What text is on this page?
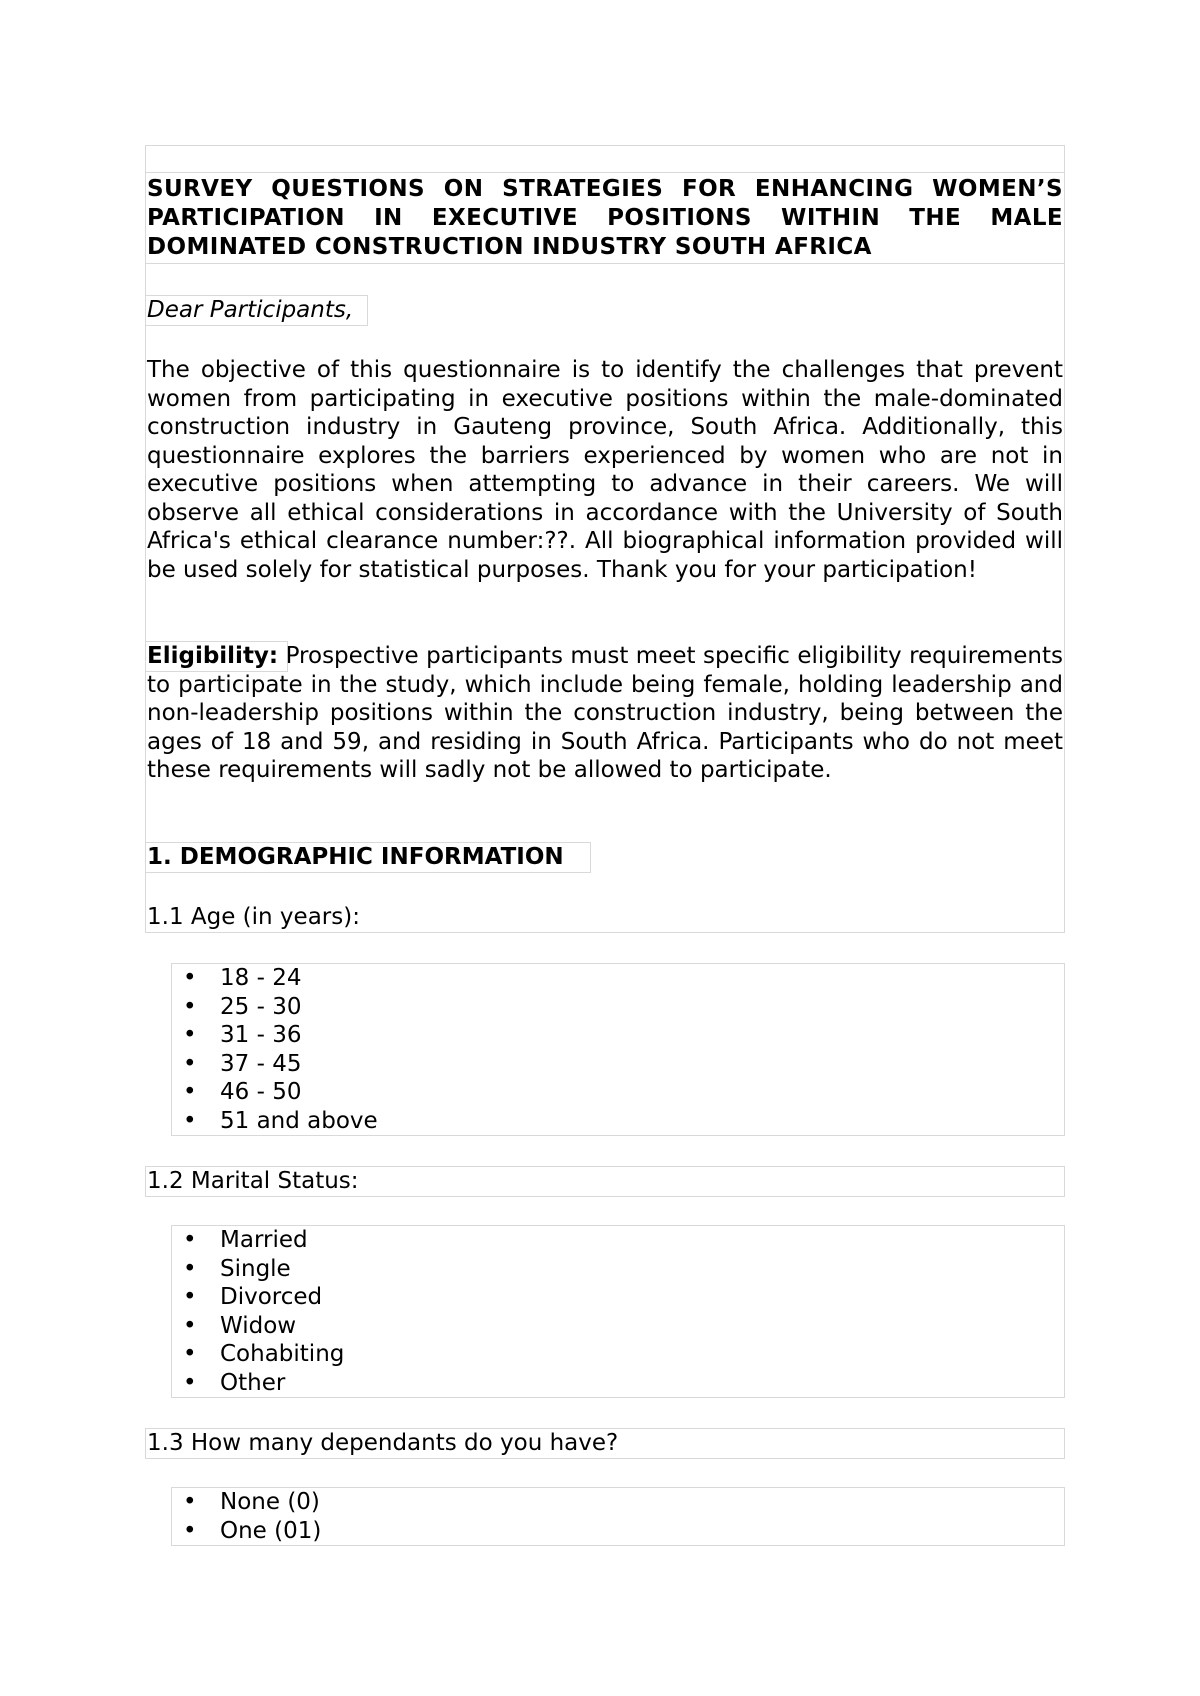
SURVEY QUESTIONS ON STRATEGIES FOR ENHANCING WOMEN’S PARTICIPATION IN EXECUTIVE POSITIONS WITHIN THE MALE DOMINATED CONSTRUCTION INDUSTRY SOUTH AFRICA

Dear Participants,

The objective of this questionnaire is to identify the challenges that prevent women from participating in executive positions within the male-dominated construction industry in Gauteng province, South Africa. Additionally, this questionnaire explores the barriers experienced by women who are not in executive positions when attempting to advance in their careers. We will observe all ethical considerations in accordance with the University of South Africa's ethical clearance number:??. All biographical information provided will be used solely for statistical purposes. Thank you for your participation!

Eligibility: Prospective participants must meet specific eligibility requirements to participate in the study, which include being female, holding leadership and non-leadership positions within the construction industry, being between the ages of 18 and 59, and residing in South Africa. Participants who do not meet these requirements will sadly not be allowed to participate.

1. DEMOGRAPHIC INFORMATION

1.1 Age (in years):

• 18 - 24
• 25 - 30
• 31 - 36
• 37 - 45
• 46 - 50
• 51 and above

1.2 Marital Status:

• Married
• Single
• Divorced
• Widow
• Cohabiting
• Other

1.3 How many dependants do you have?

• None (0)
• One (01)
